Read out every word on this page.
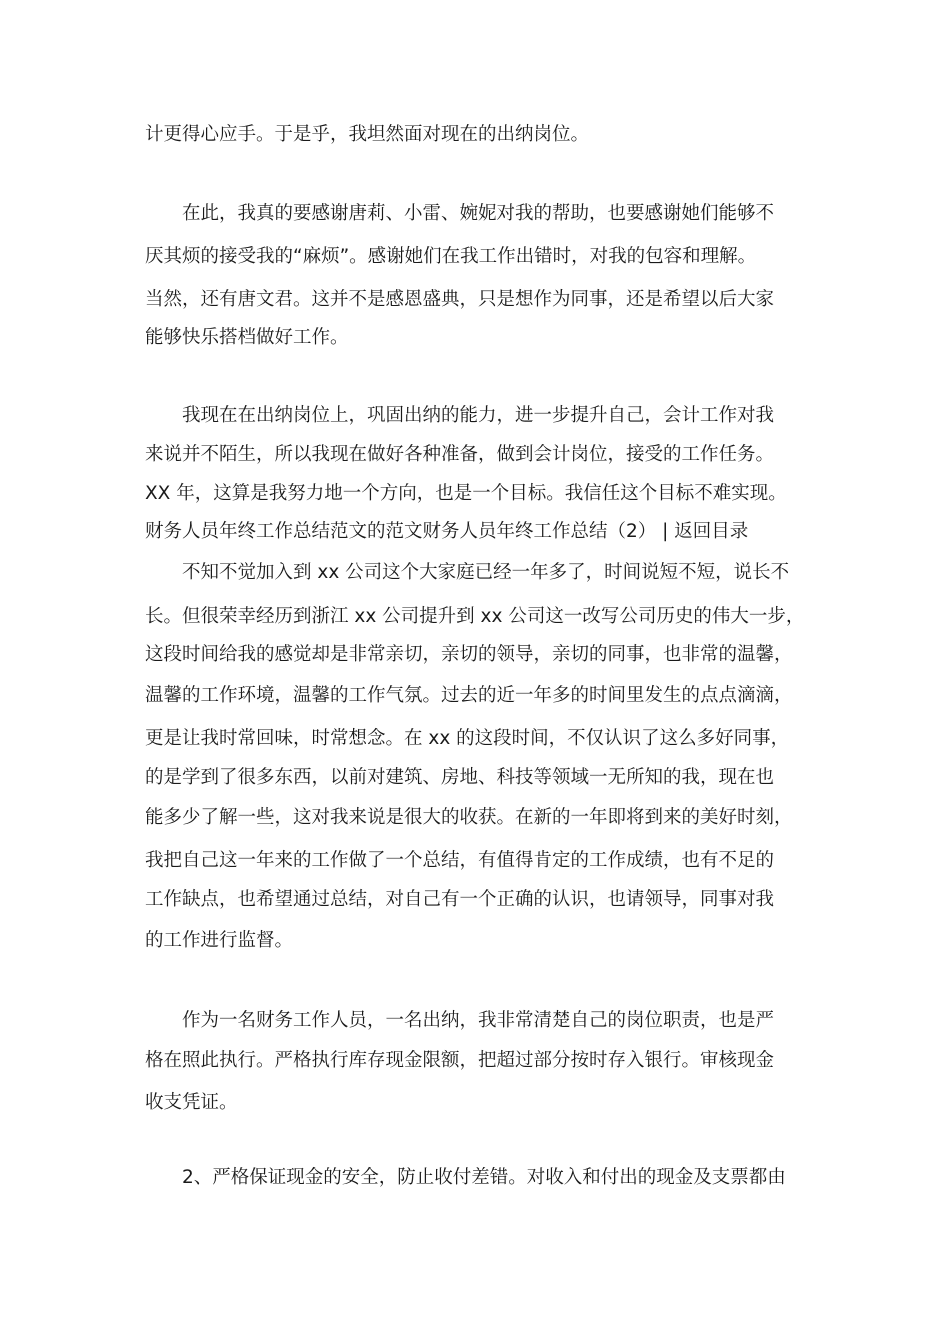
计更得心应手。于是乎，我坦然面对现在的出纳岗位。
在此，我真的要感谢唐莉、小雷、婉妮对我的帮助，也要感谢她们能够不
厌其烦的接受我的“麻烦”。感谢她们在我工作出错时，对我的包容和理解。
当然，还有唐文君。这并不是感恩盛典，只是想作为同事，还是希望以后大家
能够快乐搭档做好工作。
我现在在出纳岗位上，巩固出纳的能力，进一步提升自己，会计工作对我
来说并不陌生，所以我现在做好各种准备，做到会计岗位，接受的工作任务。
XX 年，这算是我努力地一个方向，也是一个目标。我信任这个目标不难实现。
财务人员年终工作总结范文的范文财务人员年终工作总结（2） | 返回目录
不知不觉加入到 xx 公司这个大家庭已经一年多了，时间说短不短，说长不
长。但很荣幸经历到浙江 xx 公司提升到 xx 公司这一改写公司历史的伟大一步，
这段时间给我的感觉却是非常亲切，亲切的领导，亲切的同事，也非常的温馨，
温馨的工作环境，温馨的工作气氛。过去的近一年多的时间里发生的点点滴滴，
更是让我时常回味，时常想念。在 xx 的这段时间，不仅认识了这么多好同事，
的是学到了很多东西，以前对建筑、房地、科技等领域一无所知的我，现在也
能多少了解一些，这对我来说是很大的收获。在新的一年即将到来的美好时刻，
我把自己这一年来的工作做了一个总结，有值得肯定的工作成绩，也有不足的
工作缺点，也希望通过总结，对自己有一个正确的认识，也请领导，同事对我
的工作进行监督。
作为一名财务工作人员，一名出纳，我非常清楚自己的岗位职责，也是严
格在照此执行。严格执行库存现金限额，把超过部分按时存入银行。审核现金
收支凭证。
2、严格保证现金的安全，防止收付差错。对收入和付出的现金及支票都由
